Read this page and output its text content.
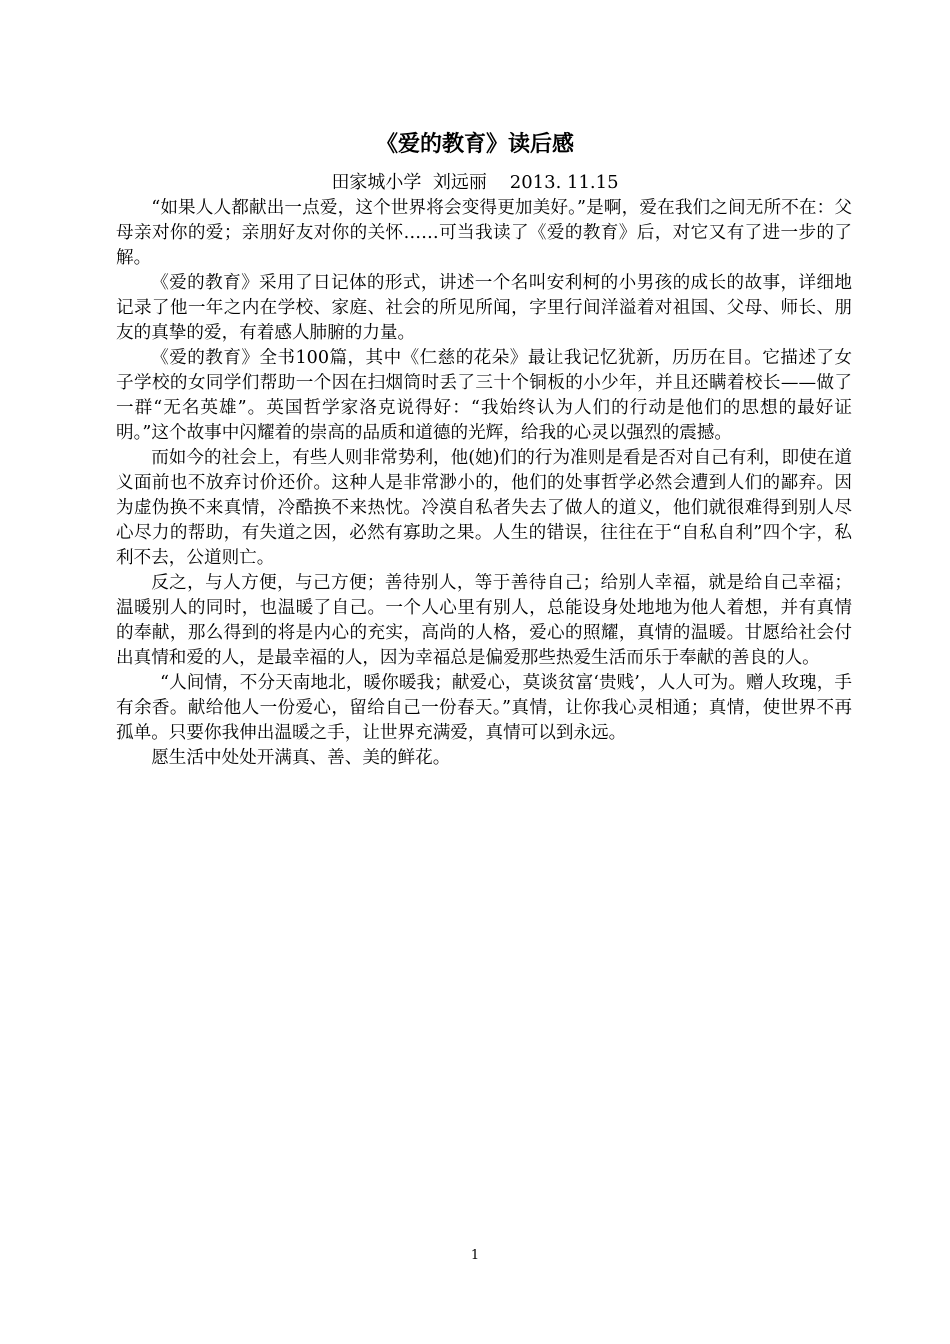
《爱的教育》读后感
田家城小学  刘远丽    2013. 11.15

“如果人人都献出一点爱，这个世界将会变得更加美好。”是啊，爱在我们之间无所不在：父母亲对你的爱；亲朋好友对你的关怀……可当我读了《爱的教育》后，对它又有了进一步的了解。

《爱的教育》采用了日记体的形式，讲述一个名叫安利柯的小男孩的成长的故事，详细地记录了他一年之内在学校、家庭、社会的所见所闻，字里行间洋溢着对祖国、父母、师长、朋友的真挚的爱，有着感人肺腑的力量。

《爱的教育》全书100篇，其中《仁慈的花朵》最让我记忆犹新，历历在目。它描述了女子学校的女同学们帮助一个因在扫烟筒时丢了三十个铜板的小少年，并且还瞒着校长——做了一群“无名英雄”。英国哲学家洛克说得好：“我始终认为人们的行动是他们的思想的最好证明。”这个故事中闪耀着的崇高的品质和道德的光辉，给我的心灵以强烈的震撼。

而如今的社会上，有些人则非常势利，他(她)们的行为准则是看是否对自己有利，即使在道义面前也不放弃讨价还价。这种人是非常渺小的，他们的处事哲学必然会遭到人们的鄙弃。因为虚伪换不来真情，冷酷换不来热忱。冷漠自私者失去了做人的道义，他们就很难得到别人尽心尽力的帮助，有失道之因，必然有寡助之果。人生的错误，往往在于“自私自利”四个字，私利不去，公道则亡。

反之，与人方便，与己方便；善待别人，等于善待自己；给别人幸福，就是给自己幸福；温暖别人的同时，也温暖了自己。一个人心里有别人，总能设身处地地为他人着想，并有真情的奉献，那么得到的将是内心的充实，高尚的人格，爱心的照耀，真情的温暖。甘愿给社会付出真情和爱的人，是最幸福的人，因为幸福总是偏爱那些热爱生活而乐于奉献的善良的人。

“人间情，不分天南地北，暖你暖我；献爱心，莫谈贫富‘贵贱’，人人可为。赠人玫瑰，手有余香。献给他人一份爱心，留给自己一份春天。”真情，让你我心灵相通；真情，使世界不再孤单。只要你我伸出温暖之手，让世界充满爱，真情可以到永远。

愿生活中处处开满真、善、美的鲜花。

1
